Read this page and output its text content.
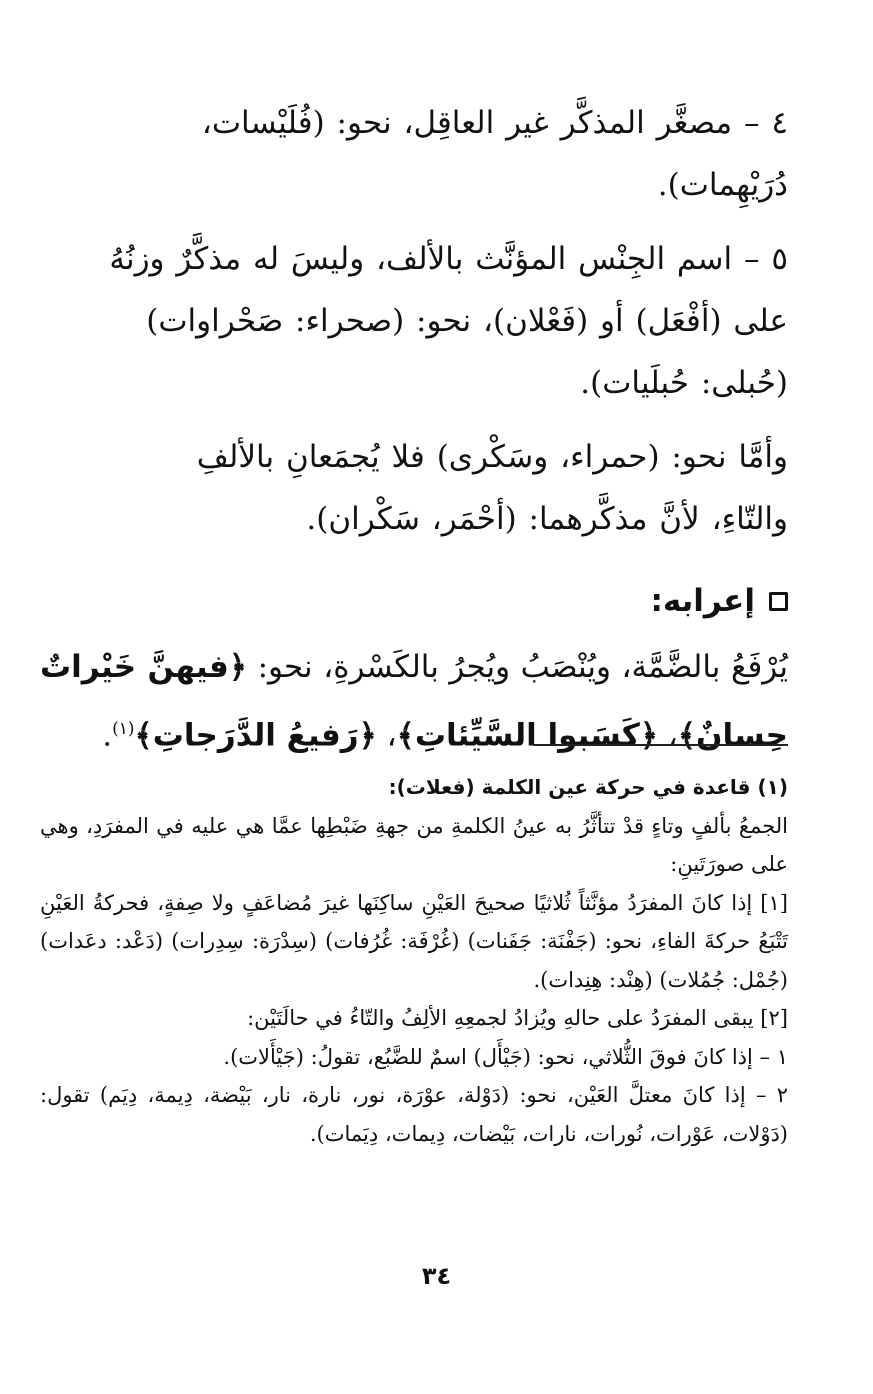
٤ – مصغَّر المذكَّر غير العاقِل، نحو: (فُلَيْسات،

دُرَيْهِمات).

٥ – اسم الجِنْس المؤنَّث بالألف، وليسَ له مذكَّرٌ وزنُهُ

على (أفْعَل) أو (فَعْلان)، نحو: (صحراء: صَحْراوات)

(حُبلى: حُبلَيات).

وأمَّا نحو: (حمراء، وسَكْرى) فلا يُجمَعانِ بالألفِ

والتّاءِ، لأنَّ مذكَّرهما: (أحْمَر، سَكْران).

إعرابه:
يُرْفَعُ بالضَّمَّة، ويُنْصَبُ ويُجرُ بالكَسْرةِ، نحو: ﴿فيهنَّ خَيْراتٌ حِسانٌ﴾، ﴿كَسَبوا السَّيِّئاتِ﴾، ﴿رَفيعُ الدَّرَجاتِ﴾$^{(١)}$.

(١) قاعدة في حركة عين الكلمة (فعلات):

الجمعُ بألفٍ وتاءٍ قدْ تتأثَّرُ به عينُ الكلمةِ من جهةِ ضَبْطِها عمَّا هي عليه في المفرَدِ، وهي على صورَتَينِ:

[١] إذا كانَ المفرَدُ مؤنَّثاً ثُلاثيًا صحيحَ العَيْنِ ساكِنَها غيرَ مُضاعَفٍ ولا صِفةٍ، فحركةُ العَيْنِ تَتْبَعُ حركةَ الفاءِ، نحو: (جَفْنَة: جَفَنات) (غُرْفَة: غُرُفات) (سِدْرَة: سِدِرات) (دَعْد: دعَدات) (جُمْل: جُمُلات) (هِنْد: هِنِدات).

[٢] يبقى المفرَدُ على حالهِ ويُزادُ لجمعِهِ الألِفُ والتّاءُ في حالَتَيْن:

١ – إذا كانَ فوقَ الثُّلاثي، نحو: (جَيْأَل) اسمٌ للضَّبُع، تقولُ: (جَيْأَلات).

٢ – إذا كانَ معتلَّ العَيْن، نحو: (دَوْلة، عوْرَة، نور، نارة، نار، بَيْضة، دِيمة، دِيَم) تقول: (دَوْلات، عَوْرات، نُورات، نارات، بَيْضات، دِيمات، دِيَمات).

٣٤
